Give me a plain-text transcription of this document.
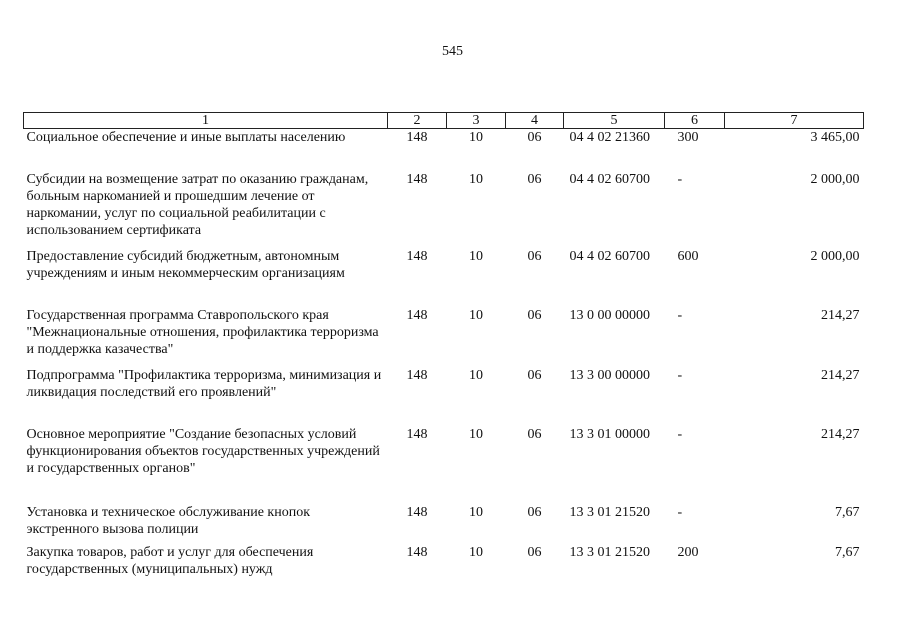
545
1	2	3	4	5	6	7
Социальное обеспечение и иные выплаты населению	148	10	06	04 4 02 21360	300	3 465,00
Субсидии на возмещение затрат по оказанию гражданам, больным наркоманией и прошедшим лечение от наркомании, услуг по социальной реабилитации с использованием сертификата	148	10	06	04 4 02 60700	-	2 000,00
Предоставление субсидий бюджетным, автономным учреждениям и иным некоммерческим организациям	148	10	06	04 4 02 60700	600	2 000,00
Государственная программа Ставропольского края "Межнациональные отношения, профилактика терроризма и поддержка казачества"	148	10	06	13 0 00 00000	-	214,27
Подпрограмма "Профилактика терроризма, минимизация и ликвидация последствий его проявлений"	148	10	06	13 3 00 00000	-	214,27
Основное мероприятие "Создание безопасных условий функционирования объектов государственных учреждений и государственных органов"	148	10	06	13 3 01 00000	-	214,27
Установка и техническое обслуживание кнопок экстренного вызова полиции	148	10	06	13 3 01 21520	-	7,67
Закупка товаров, работ и услуг для обеспечения государственных (муниципальных) нужд	148	10	06	13 3 01 21520	200	7,67
